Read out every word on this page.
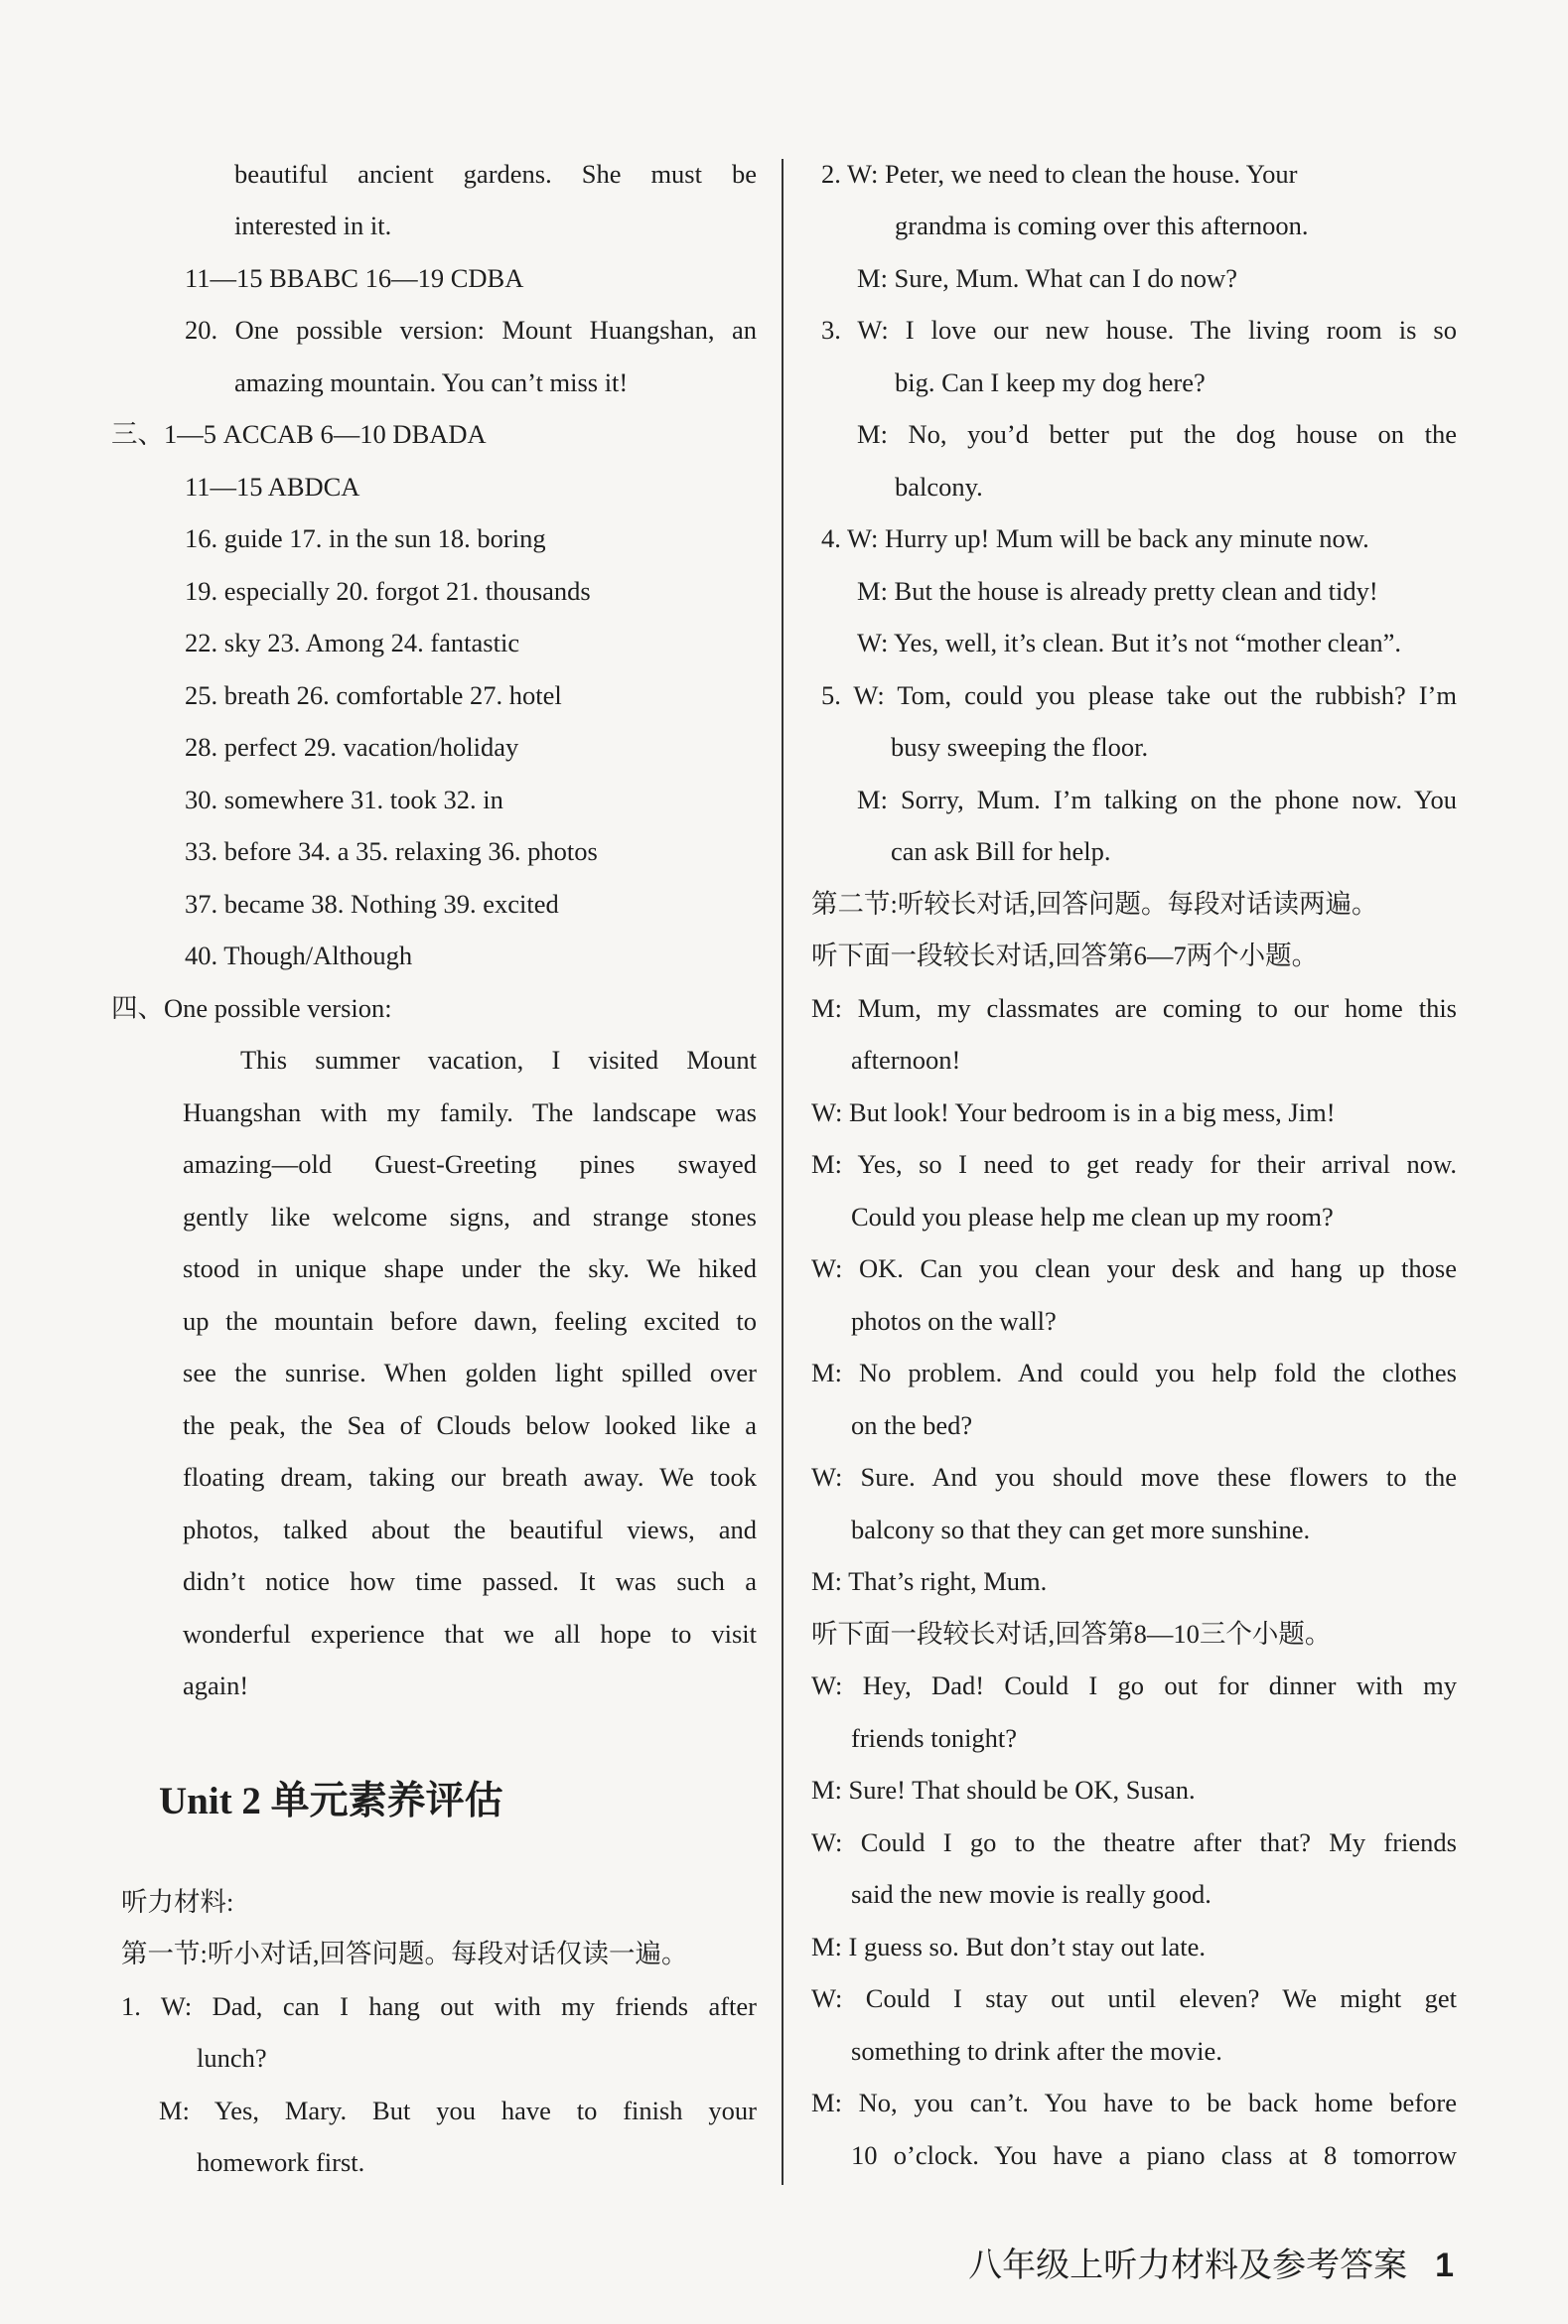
beautiful ancient gardens. She must be
interested in it.
11—15 BBABC 16—19 CDBA
20. One possible version: Mount Huangshan, an
amazing mountain. You can’t miss it!
三、1—5 ACCAB 6—10 DBADA
11—15 ABDCA
16. guide 17. in the sun 18. boring
19. especially 20. forgot 21. thousands
22. sky 23. Among 24. fantastic
25. breath 26. comfortable 27. hotel
28. perfect 29. vacation/holiday
30. somewhere 31. took 32. in
33. before 34. a 35. relaxing 36. photos
37. became 38. Nothing 39. excited
40. Though/Although
四、One possible version:
This summer vacation, I visited Mount
Huangshan with my family. The landscape was
amazing—old Guest-Greeting pines swayed
gently like welcome signs, and strange stones
stood in unique shape under the sky. We hiked
up the mountain before dawn, feeling excited to
see the sunrise. When golden light spilled over
the peak, the Sea of Clouds below looked like a
floating dream, taking our breath away. We took
photos, talked about the beautiful views, and
didn’t notice how time passed. It was such a
wonderful experience that we all hope to visit
again!
听力材料:
第一节:听小对话,回答问题。每段对话仅读一遍。
1. W: Dad, can I hang out with my friends after
lunch?
M: Yes, Mary. But you have to finish your
homework first.
2. W: Peter, we need to clean the house. Your
grandma is coming over this afternoon.
M: Sure, Mum. What can I do now?
3. W: I love our new house. The living room is so
big. Can I keep my dog here?
M: No, you’d better put the dog house on the
balcony.
4. W: Hurry up! Mum will be back any minute now.
M: But the house is already pretty clean and tidy!
W: Yes, well, it’s clean. But it’s not “mother clean”.
5. W: Tom, could you please take out the rubbish? I’m
busy sweeping the floor.
M: Sorry, Mum. I’m talking on the phone now. You
can ask Bill for help.
第二节:听较长对话,回答问题。每段对话读两遍。
听下面一段较长对话,回答第6—7两个小题。
M: Mum, my classmates are coming to our home this
afternoon!
W: But look! Your bedroom is in a big mess, Jim!
M: Yes, so I need to get ready for their arrival now.
Could you please help me clean up my room?
W: OK. Can you clean your desk and hang up those
photos on the wall?
M: No problem. And could you help fold the clothes
on the bed?
W: Sure. And you should move these flowers to the
balcony so that they can get more sunshine.
M: That’s right, Mum.
听下面一段较长对话,回答第8—10三个小题。
W: Hey, Dad! Could I go out for dinner with my
friends tonight?
M: Sure! That should be OK, Susan.
W: Could I go to the theatre after that? My friends
said the new movie is really good.
M: I guess so. But don’t stay out late.
W: Could I stay out until eleven? We might get
something to drink after the movie.
M: No, you can’t. You have to be back home before
10 o’clock. You have a piano class at 8 tomorrow
Unit 2 单元素养评估
八年级上听力材料及参考答案 1
